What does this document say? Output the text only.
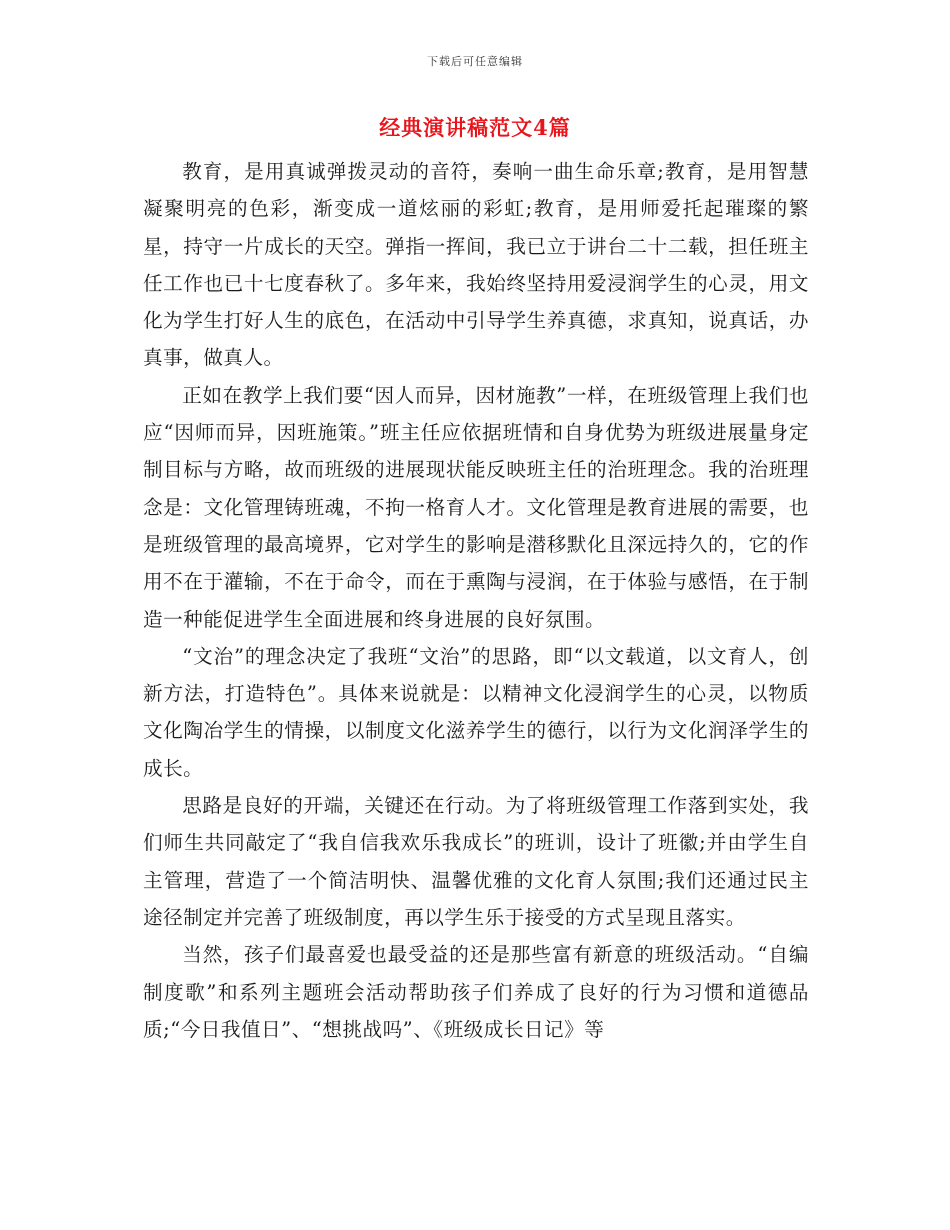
下载后可任意编辑
经典演讲稿范文4篇

教育，是用真诚弹拨灵动的音符，奏响一曲生命乐章;教育，是用智慧凝聚明亮的色彩，渐变成一道炫丽的彩虹;教育，是用师爱托起璀璨的繁星，持守一片成长的天空。弹指一挥间，我已立于讲台二十二载，担任班主任工作也已十七度春秋了。多年来，我始终坚持用爱浸润学生的心灵，用文化为学生打好人生的底色，在活动中引导学生养真德，求真知，说真话，办真事，做真人。

正如在教学上我们要“因人而异，因材施教”一样，在班级管理上我们也应“因师而异，因班施策。”班主任应依据班情和自身优势为班级进展量身定制目标与方略，故而班级的进展现状能反映班主任的治班理念。我的治班理念是：文化管理铸班魂，不拘一格育人才。文化管理是教育进展的需要，也是班级管理的最高境界，它对学生的影响是潜移默化且深远持久的，它的作用不在于灌输，不在于命令，而在于熏陶与浸润，在于体验与感悟，在于制造一种能促进学生全面进展和终身进展的良好氛围。

“文治”的理念决定了我班“文治”的思路，即“以文载道，以文育人，创新方法，打造特色”。具体来说就是：以精神文化浸润学生的心灵，以物质文化陶冶学生的情操，以制度文化滋养学生的德行，以行为文化润泽学生的成长。

思路是良好的开端，关键还在行动。为了将班级管理工作落到实处，我们师生共同敲定了“我自信我欢乐我成长”的班训，设计了班徽;并由学生自主管理，营造了一个简洁明快、温馨优雅的文化育人氛围;我们还通过民主途径制定并完善了班级制度，再以学生乐于接受的方式呈现且落实。

当然，孩子们最喜爱也最受益的还是那些富有新意的班级活动。“自编制度歌”和系列主题班会活动帮助孩子们养成了良好的行为习惯和道德品质;“今日我值日”、“想挑战吗”、《班级成长日记》等
